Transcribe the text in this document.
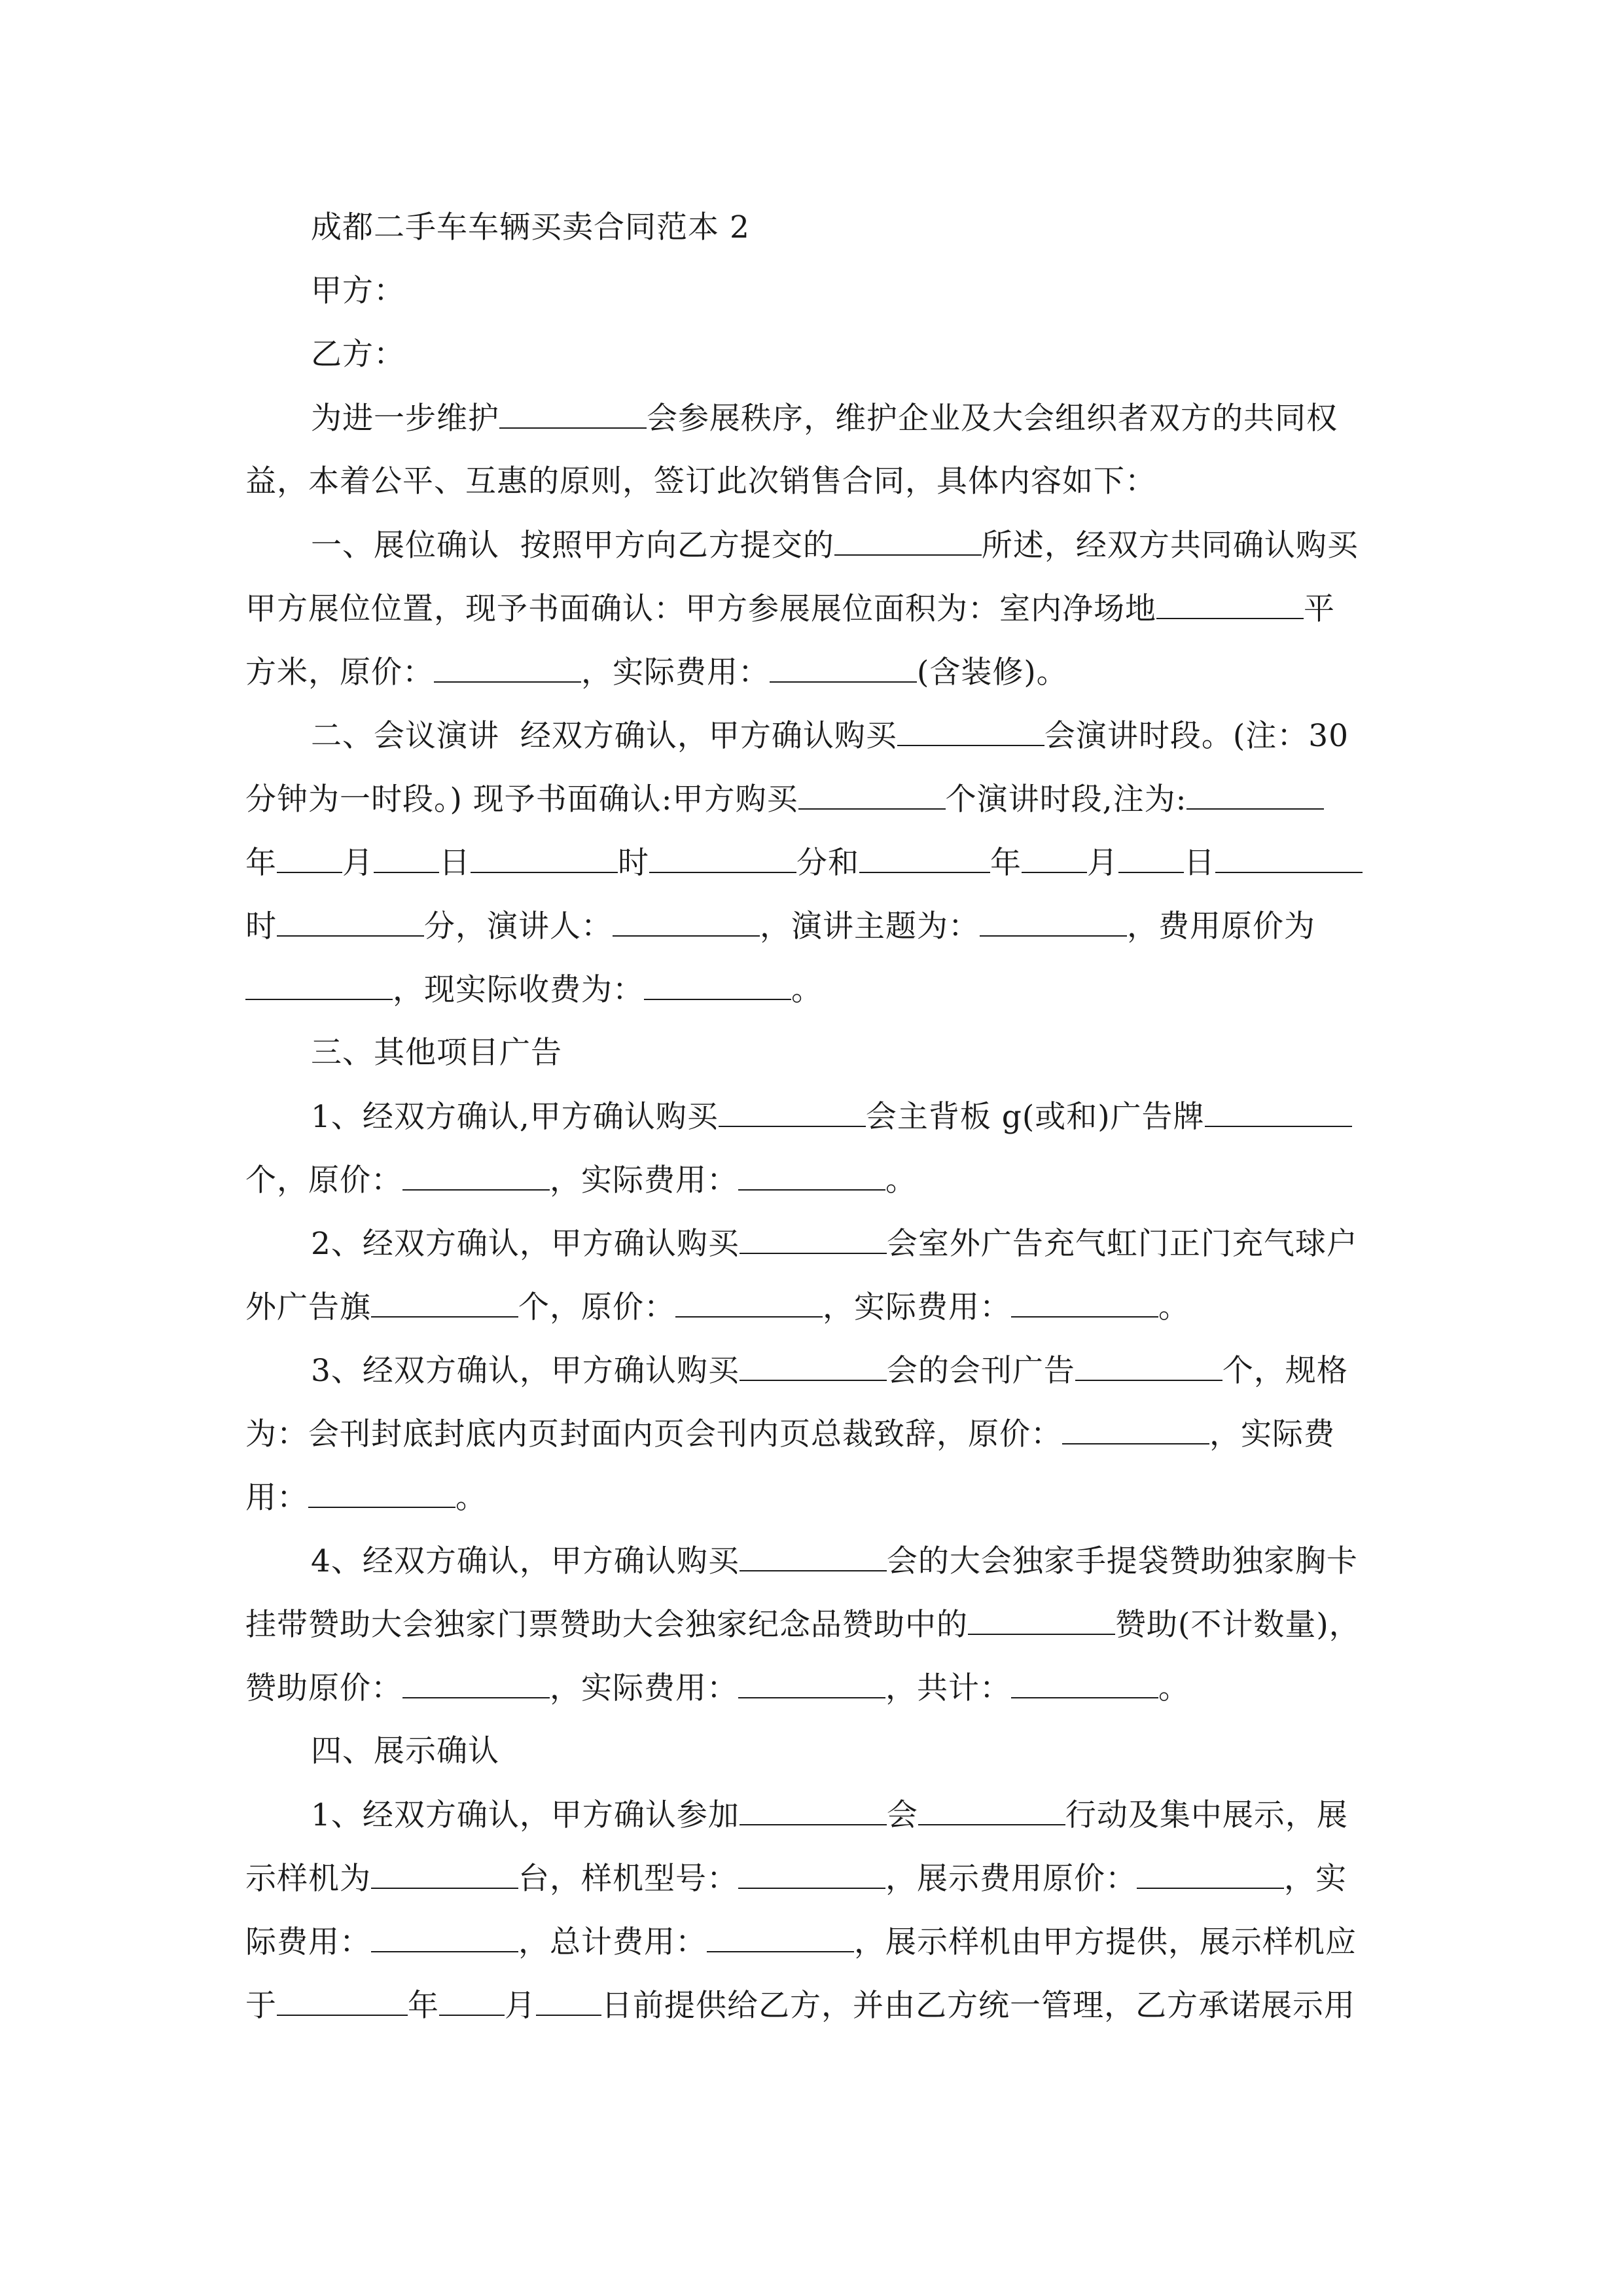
成都二手车车辆买卖合同范本 2
甲方：
乙方：
为进一步维护	会参展秩序，维护企业及大会组织者双方的共同权
益，本着公平、互惠的原则，签订此次销售合同，具体内容如下：
一、展位确认  按照甲方向乙方提交的	所述，经双方共同确认购买
甲方展位位置，现予书面确认：甲方参展展位面积为：室内净场地	平
方米，原价：	，实际费用：	(含装修)。
二、会议演讲  经双方确认，甲方确认购买	会演讲时段。(注：30
分钟为一时段。) 现予书面确认:甲方购买	个演讲时段,注为:
年 月 日	时	分和	年 月 日
时	分，演讲人：	，演讲主题为：	，费用原价为
，现实际收费为：	。
三、其他项目广告
1、经双方确认,甲方确认购买	会主背板 g(或和)广告牌
个，原价：	，实际费用：	。
2、经双方确认，甲方确认购买	会室外广告充气虹门正门充气球户
外广告旗	个，原价：	，实际费用：	。
3、经双方确认，甲方确认购买	会的会刊广告	个，规格
为：会刊封底封底内页封面内页会刊内页总裁致辞，原价：	，实际费
用：	。
4、经双方确认，甲方确认购买	会的大会独家手提袋赞助独家胸卡
挂带赞助大会独家门票赞助大会独家纪念品赞助中的	赞助(不计数量)，
赞助原价：	，实际费用：	，共计：	。
四、展示确认
1、经双方确认，甲方确认参加	会	行动及集中展示，展
示样机为	台，样机型号：	，展示费用原价：	，实
际费用：	，总计费用：	，展示样机由甲方提供，展示样机应
于	年 月 日前提供给乙方，并由乙方统一管理，乙方承诺展示用
